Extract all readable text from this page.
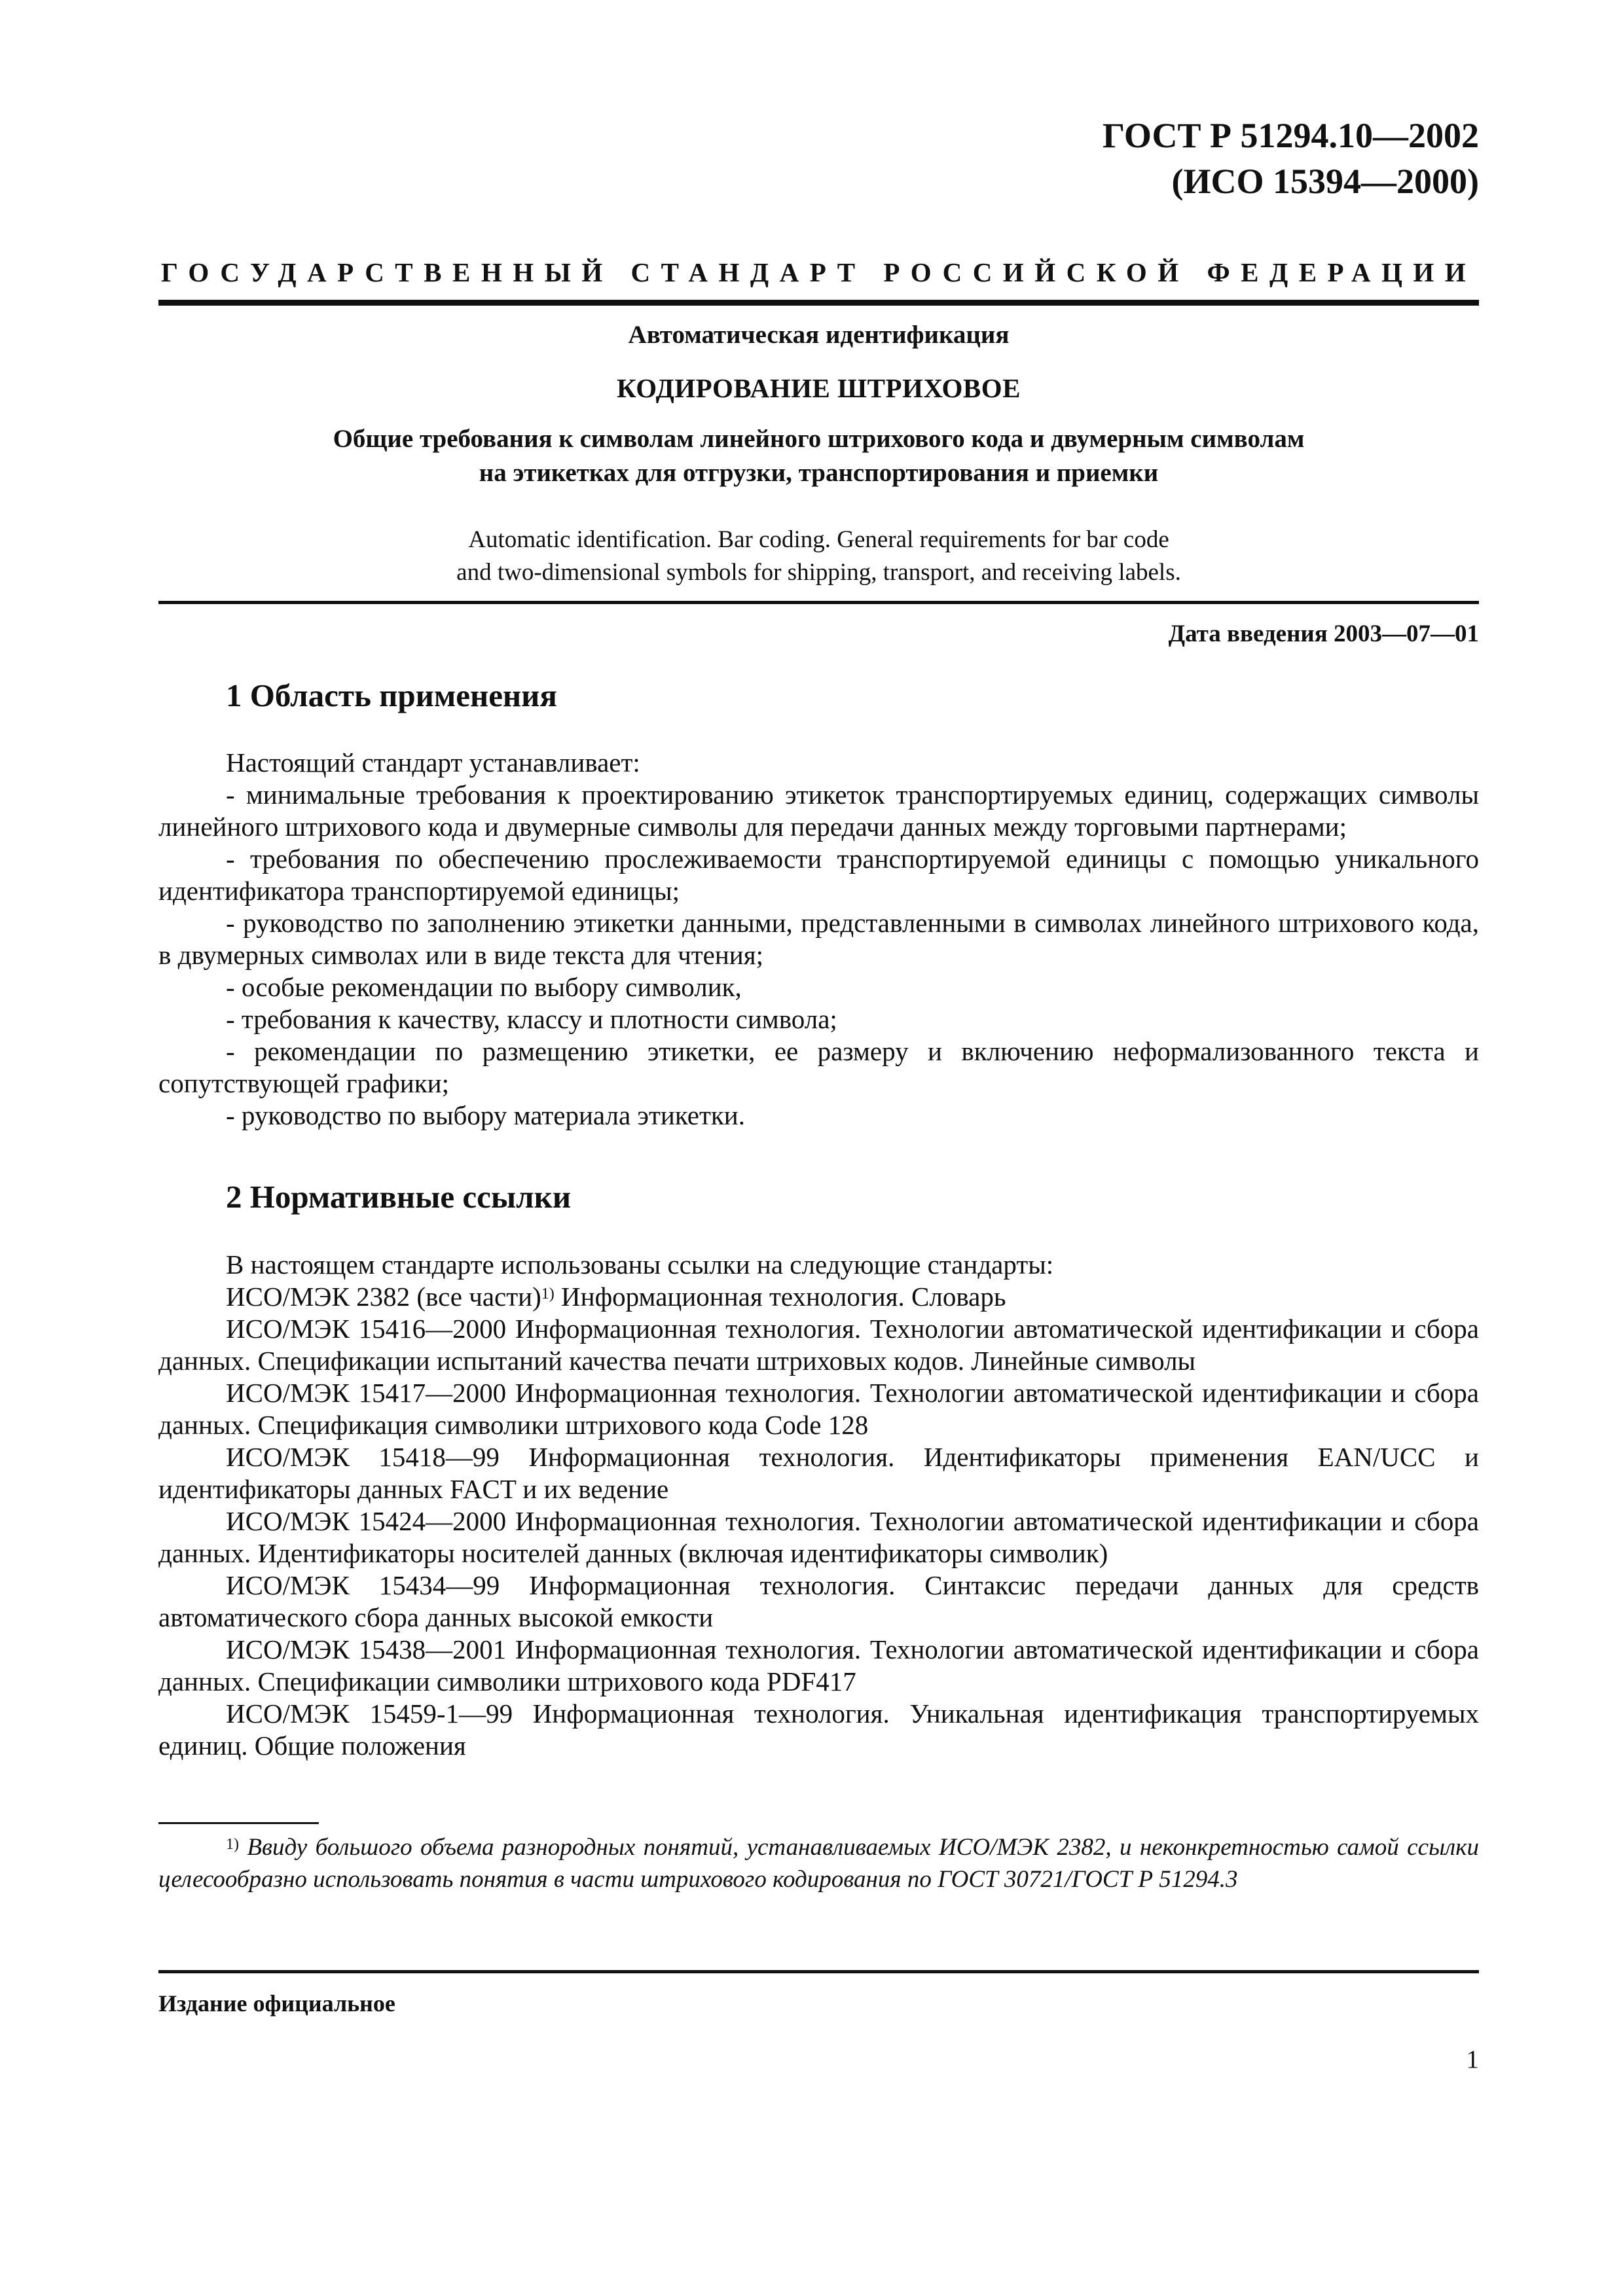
ГОСТ Р 51294.10—2002
(ИСО 15394—2000)
ГОСУДАРСТВЕННЫЙ СТАНДАРТ РОССИЙСКОЙ ФЕДЕРАЦИИ
Автоматическая идентификация
КОДИРОВАНИЕ ШТРИХОВОЕ
Общие требования к символам линейного штрихового кода и двумерным символам
на этикетках для отгрузки, транспортирования и приемки
Automatic identification. Bar coding. General requirements for bar code
and two-dimensional symbols for shipping, transport, and receiving labels.
Дата введения 2003—07—01
1 Область применения

Настоящий стандарт устанавливает:

- минимальные требования к проектированию этикеток транспортируемых единиц, содержащих символы линейного штрихового кода и двумерные символы для передачи данных между торговыми партнерами;

- требования по обеспечению прослеживаемости транспортируемой единицы с помощью уникального идентификатора транспортируемой единицы;

- руководство по заполнению этикетки данными, представленными в символах линейного штрихового кода, в двумерных символах или в виде текста для чтения;

- особые рекомендации по выбору символик,

- требования к качеству, классу и плотности символа;

- рекомендации по размещению этикетки, ее размеру и включению неформализованного текста и сопутствующей графики;

- руководство по выбору материала этикетки.

2 Нормативные ссылки

В настоящем стандарте использованы ссылки на следующие стандарты:

ИСО/МЭК 2382 (все части)$^{1)}$ Информационная технология. Словарь

ИСО/МЭК 15416—2000 Информационная технология. Технологии автоматической идентификации и сбора данных. Спецификации испытаний качества печати штриховых кодов. Линейные символы

ИСО/МЭК 15417—2000 Информационная технология. Технологии автоматической идентификации и сбора данных. Спецификация символики штрихового кода Code 128

ИСО/МЭК 15418—99 Информационная технология. Идентификаторы применения EAN/UCC и идентификаторы данных FACT и их ведение

ИСО/МЭК 15424—2000 Информационная технология. Технологии автоматической идентификации и сбора данных. Идентификаторы носителей данных (включая идентификаторы символик)

ИСО/МЭК 15434—99 Информационная технология. Синтаксис передачи данных для средств автоматического сбора данных высокой емкости

ИСО/МЭК 15438—2001 Информационная технология. Технологии автоматической идентификации и сбора данных. Спецификации символики штрихового кода PDF417

ИСО/МЭК 15459-1—99 Информационная технология. Уникальная идентификация транспортируемых единиц. Общие положения

$^{1)}$ Ввиду большого объема разнородных понятий, устанавливаемых ИСО/МЭК 2382, и неконкретностью самой ссылки целесообразно использовать понятия в части штрихового кодирования по ГОСТ 30721/ГОСТ Р 51294.3

Издание официальное
1
